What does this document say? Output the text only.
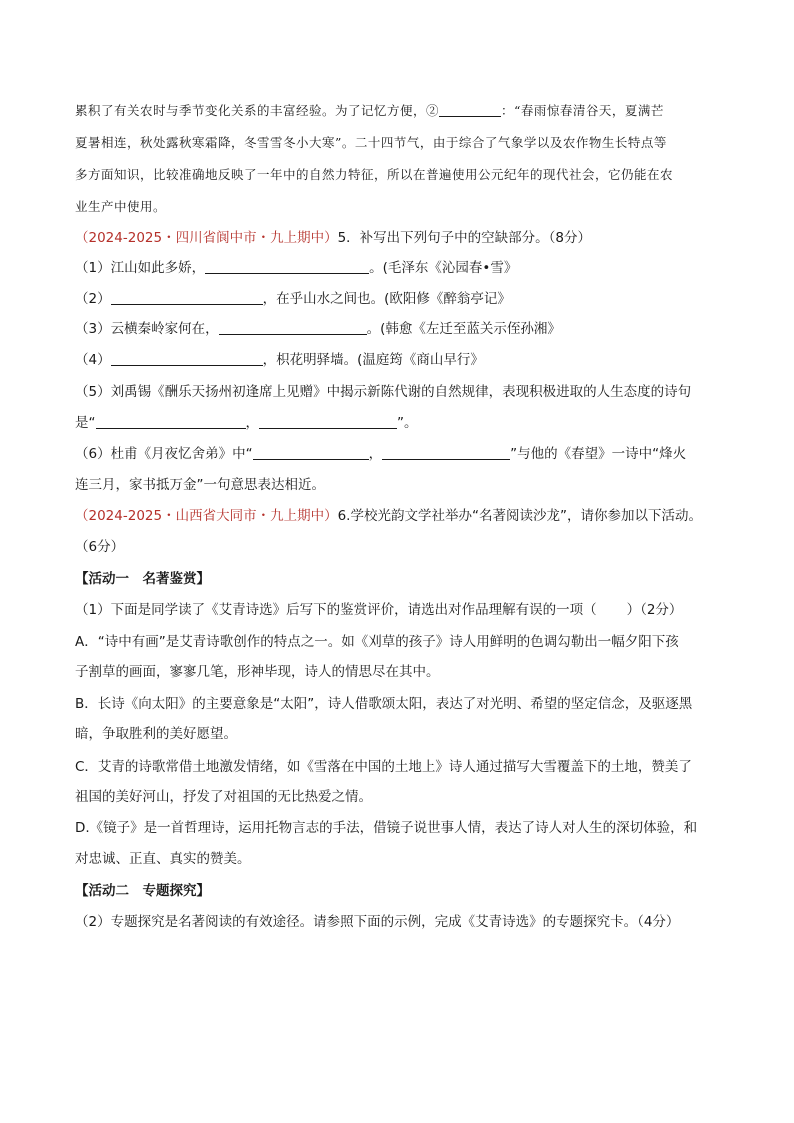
累积了有关农时与季节变化关系的丰富经验。为了记忆方便，②	：“春雨惊春清谷天，夏满芒
夏暑相连，秋处露秋寒霜降，冬雪雪冬小大寒”。二十四节气，由于综合了气象学以及农作物生长特点等
多方面知识，比较准确地反映了一年中的自然力特征，所以在普遍使用公元纪年的现代社会，它仍能在农
业生产中使用。
（2024-2025・四川省阆中市・九上期中）5．补写出下列句子中的空缺部分。（8分）
（1）江山如此多娇，	。(毛泽东《沁园春•雪》
（2）	，在乎山水之间也。(欧阳修《醉翁亭记》
（3）云横秦岭家何在，	。(韩愈《左迁至蓝关示侄孙湘》
（4）	，枳花明驿墙。(温庭筠《商山早行》
（5）刘禹锡《酬乐天扬州初逢席上见赠》中揭示新陈代谢的自然规律，表现积极进取的人生态度的诗句
是“	，	”。
（6）杜甫《月夜忆舍弟》中“	，	”与他的《春望》一诗中“烽火
连三月，家书抵万金”一句意思表达相近。
（2024-2025・山西省大同市・九上期中）6.学校光韵文学社举办“名著阅读沙龙”，请你参加以下活动。
（6分）
【活动一　名著鉴赏】
（1）下面是同学读了《艾青诗选》后写下的鉴赏评价，请选出对作品理解有误的一项（ ）（2分）
A．“诗中有画”是艾青诗歌创作的特点之一。如《刈草的孩子》诗人用鲜明的色调勾勒出一幅夕阳下孩
子割草的画面，寥寥几笔，形神毕现，诗人的情思尽在其中。
B．长诗《向太阳》的主要意象是“太阳”，诗人借歌颂太阳，表达了对光明、希望的坚定信念，及驱逐黑
暗，争取胜利的美好愿望。
C．艾青的诗歌常借土地激发情绪，如《雪落在中国的土地上》诗人通过描写大雪覆盖下的土地，赞美了
祖国的美好河山，抒发了对祖国的无比热爱之情。
D.《镜子》是一首哲理诗，运用托物言志的手法，借镜子说世事人情，表达了诗人对人生的深切体验，和
对忠诚、正直、真实的赞美。
【活动二　专题探究】
（2）专题探究是名著阅读的有效途径。请参照下面的示例，完成《艾青诗选》的专题探究卡。（4分）
